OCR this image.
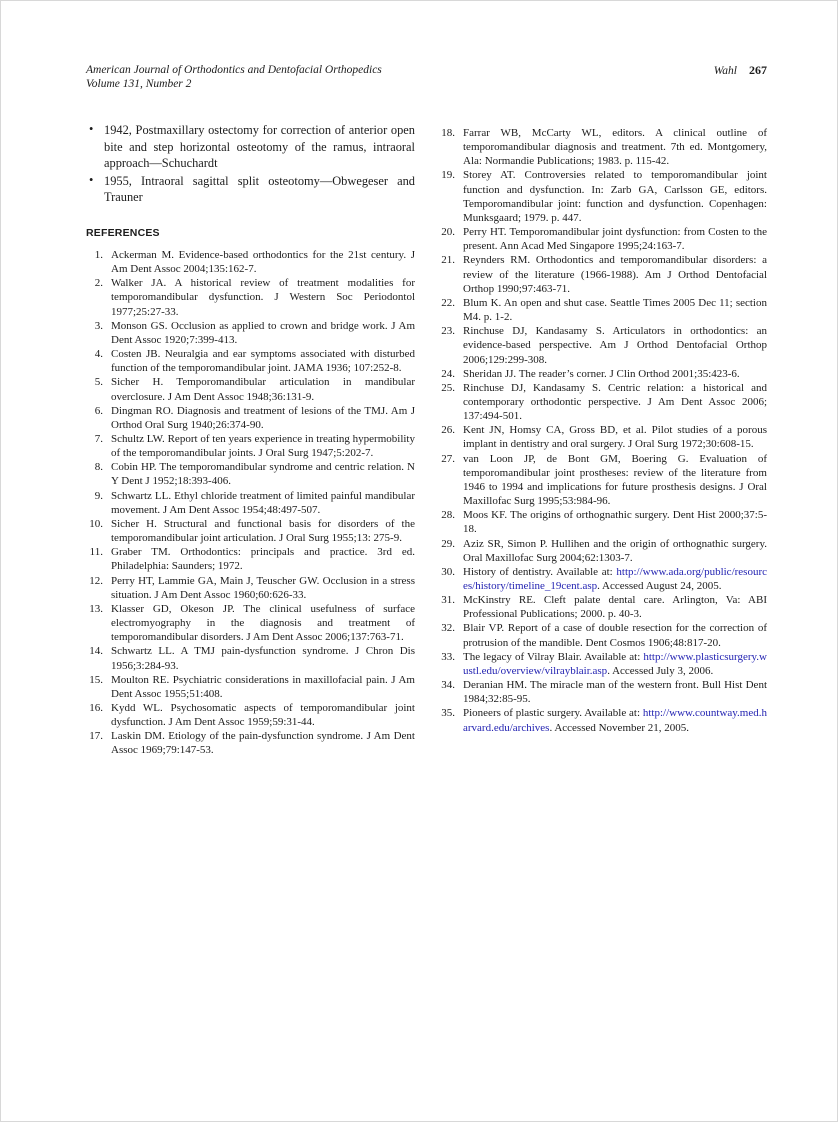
American Journal of Orthodontics and Dentofacial Orthopedics
Volume 131, Number 2
Wahl 267
• 1942, Postmaxillary ostectomy for correction of anterior open bite and step horizontal osteotomy of the ramus, intraoral approach—Schuchardt
• 1955, Intraoral sagittal split osteotomy—Obwegeser and Trauner
REFERENCES
1. Ackerman M. Evidence-based orthodontics for the 21st century. J Am Dent Assoc 2004;135:162-7.
2. Walker JA. A historical review of treatment modalities for temporomandibular dysfunction. J Western Soc Periodontol 1977;25:27-33.
3. Monson GS. Occlusion as applied to crown and bridge work. J Am Dent Assoc 1920;7:399-413.
4. Costen JB. Neuralgia and ear symptoms associated with disturbed function of the temporomandibular joint. JAMA 1936; 107:252-8.
5. Sicher H. Temporomandibular articulation in mandibular overclosure. J Am Dent Assoc 1948;36:131-9.
6. Dingman RO. Diagnosis and treatment of lesions of the TMJ. Am J Orthod Oral Surg 1940;26:374-90.
7. Schultz LW. Report of ten years experience in treating hypermobility of the temporomandibular joints. J Oral Surg 1947;5:202-7.
8. Cobin HP. The temporomandibular syndrome and centric relation. N Y Dent J 1952;18:393-406.
9. Schwartz LL. Ethyl chloride treatment of limited painful mandibular movement. J Am Dent Assoc 1954;48:497-507.
10. Sicher H. Structural and functional basis for disorders of the temporomandibular joint articulation. J Oral Surg 1955;13: 275-9.
11. Graber TM. Orthodontics: principals and practice. 3rd ed. Philadelphia: Saunders; 1972.
12. Perry HT, Lammie GA, Main J, Teuscher GW. Occlusion in a stress situation. J Am Dent Assoc 1960;60:626-33.
13. Klasser GD, Okeson JP. The clinical usefulness of surface electromyography in the diagnosis and treatment of temporomandibular disorders. J Am Dent Assoc 2006;137:763-71.
14. Schwartz LL. A TMJ pain-dysfunction syndrome. J Chron Dis 1956;3:284-93.
15. Moulton RE. Psychiatric considerations in maxillofacial pain. J Am Dent Assoc 1955;51:408.
16. Kydd WL. Psychosomatic aspects of temporomandibular joint dysfunction. J Am Dent Assoc 1959;59:31-44.
17. Laskin DM. Etiology of the pain-dysfunction syndrome. J Am Dent Assoc 1969;79:147-53.
18. Farrar WB, McCarty WL, editors. A clinical outline of temporomandibular diagnosis and treatment. 7th ed. Montgomery, Ala: Normandie Publications; 1983. p. 115-42.
19. Storey AT. Controversies related to temporomandibular joint function and dysfunction. In: Zarb GA, Carlsson GE, editors. Temporomandibular joint: function and dysfunction. Copenhagen: Munksgaard; 1979. p. 447.
20. Perry HT. Temporomandibular joint dysfunction: from Costen to the present. Ann Acad Med Singapore 1995;24:163-7.
21. Reynders RM. Orthodontics and temporomandibular disorders: a review of the literature (1966-1988). Am J Orthod Dentofacial Orthop 1990;97:463-71.
22. Blum K. An open and shut case. Seattle Times 2005 Dec 11; section M4. p. 1-2.
23. Rinchuse DJ, Kandasamy S. Articulators in orthodontics: an evidence-based perspective. Am J Orthod Dentofacial Orthop 2006;129:299-308.
24. Sheridan JJ. The reader’s corner. J Clin Orthod 2001;35:423-6.
25. Rinchuse DJ, Kandasamy S. Centric relation: a historical and contemporary orthodontic perspective. J Am Dent Assoc 2006; 137:494-501.
26. Kent JN, Homsy CA, Gross BD, et al. Pilot studies of a porous implant in dentistry and oral surgery. J Oral Surg 1972;30:608-15.
27. van Loon JP, de Bont GM, Boering G. Evaluation of temporomandibular joint prostheses: review of the literature from 1946 to 1994 and implications for future prosthesis designs. J Oral Maxillofac Surg 1995;53:984-96.
28. Moos KF. The origins of orthognathic surgery. Dent Hist 2000;37:5-18.
29. Aziz SR, Simon P. Hullihen and the origin of orthognathic surgery. Oral Maxillofac Surg 2004;62:1303-7.
30. History of dentistry. Available at: http://www.ada.org/public/resources/history/timeline_19cent.asp. Accessed August 24, 2005.
31. McKinstry RE. Cleft palate dental care. Arlington, Va: ABI Professional Publications; 2000. p. 40-3.
32. Blair VP. Report of a case of double resection for the correction of protrusion of the mandible. Dent Cosmos 1906;48:817-20.
33. The legacy of Vilray Blair. Available at: http://www.plasticsurgery.wustl.edu/overview/vilrayblair.asp. Accessed July 3, 2006.
34. Deranian HM. The miracle man of the western front. Bull Hist Dent 1984;32:85-95.
35. Pioneers of plastic surgery. Available at: http://www.countway.med.harvard.edu/archives. Accessed November 21, 2005.
